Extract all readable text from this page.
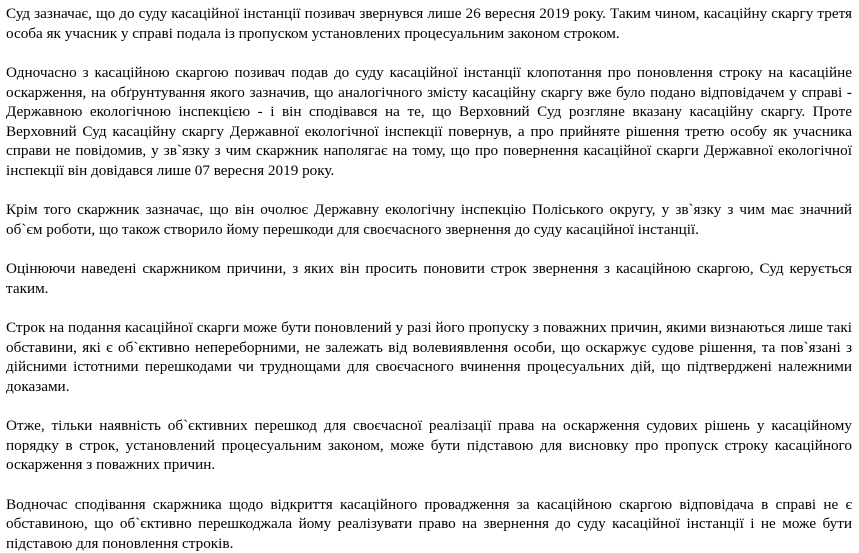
Суд зазначає, що до суду касаційної інстанції позивач звернувся лише 26 вересня 2019 року. Таким чином, касаційну скаргу третя особа як учасник у справі подала із пропуском установлених процесуальним законом строком.

Одночасно з касаційною скаргою позивач подав до суду касаційної інстанції клопотання про поновлення строку на касаційне оскарження, на обґрунтування якого зазначив, що аналогічного змісту касаційну скаргу вже було подано відповідачем у справі - Державною екологічною інспекцією - і він сподівався на те, що Верховний Суд розгляне вказану касаційну скаргу. Проте Верховний Суд касаційну скаргу Державної екологічної інспекції повернув, а про прийняте рішення третю особу як учасника справи не повідомив, у зв`язку з чим скаржник наполягає на тому, що про повернення касаційної скарги Державної екологічної інспекції він довідався лише 07 вересня 2019 року.

Крім того скаржник зазначає, що він очолює Державну екологічну інспекцію Поліського округу, у зв`язку з чим має значний об`єм роботи, що також створило йому перешкоди для своєчасного звернення до суду касаційної інстанції.

Оцінюючи наведені скаржником причини, з яких він просить поновити строк звернення з касаційною скаргою, Суд керується таким.

Строк на подання касаційної скарги може бути поновлений у разі його пропуску з поважних причин, якими визнаються лише такі обставини, які є об`єктивно непереборними, не залежать від волевиявлення особи, що оскаржує судове рішення, та пов`язані з дійсними істотними перешкодами чи труднощами для своєчасного вчинення процесуальних дій, що підтверджені належними доказами.

Отже, тільки наявність об`єктивних перешкод для своєчасної реалізації права на оскарження судових рішень у касаційному порядку в строк, установлений процесуальним законом, може бути підставою для висновку про пропуск строку касаційного оскарження з поважних причин.

Водночас сподівання скаржника щодо відкриття касаційного провадження за касаційною скаргою відповідача в справі не є обставиною, що об`єктивно перешкоджала йому реалізувати право на звернення до суду касаційної інстанції і не може бути підставою для поновлення строків.
